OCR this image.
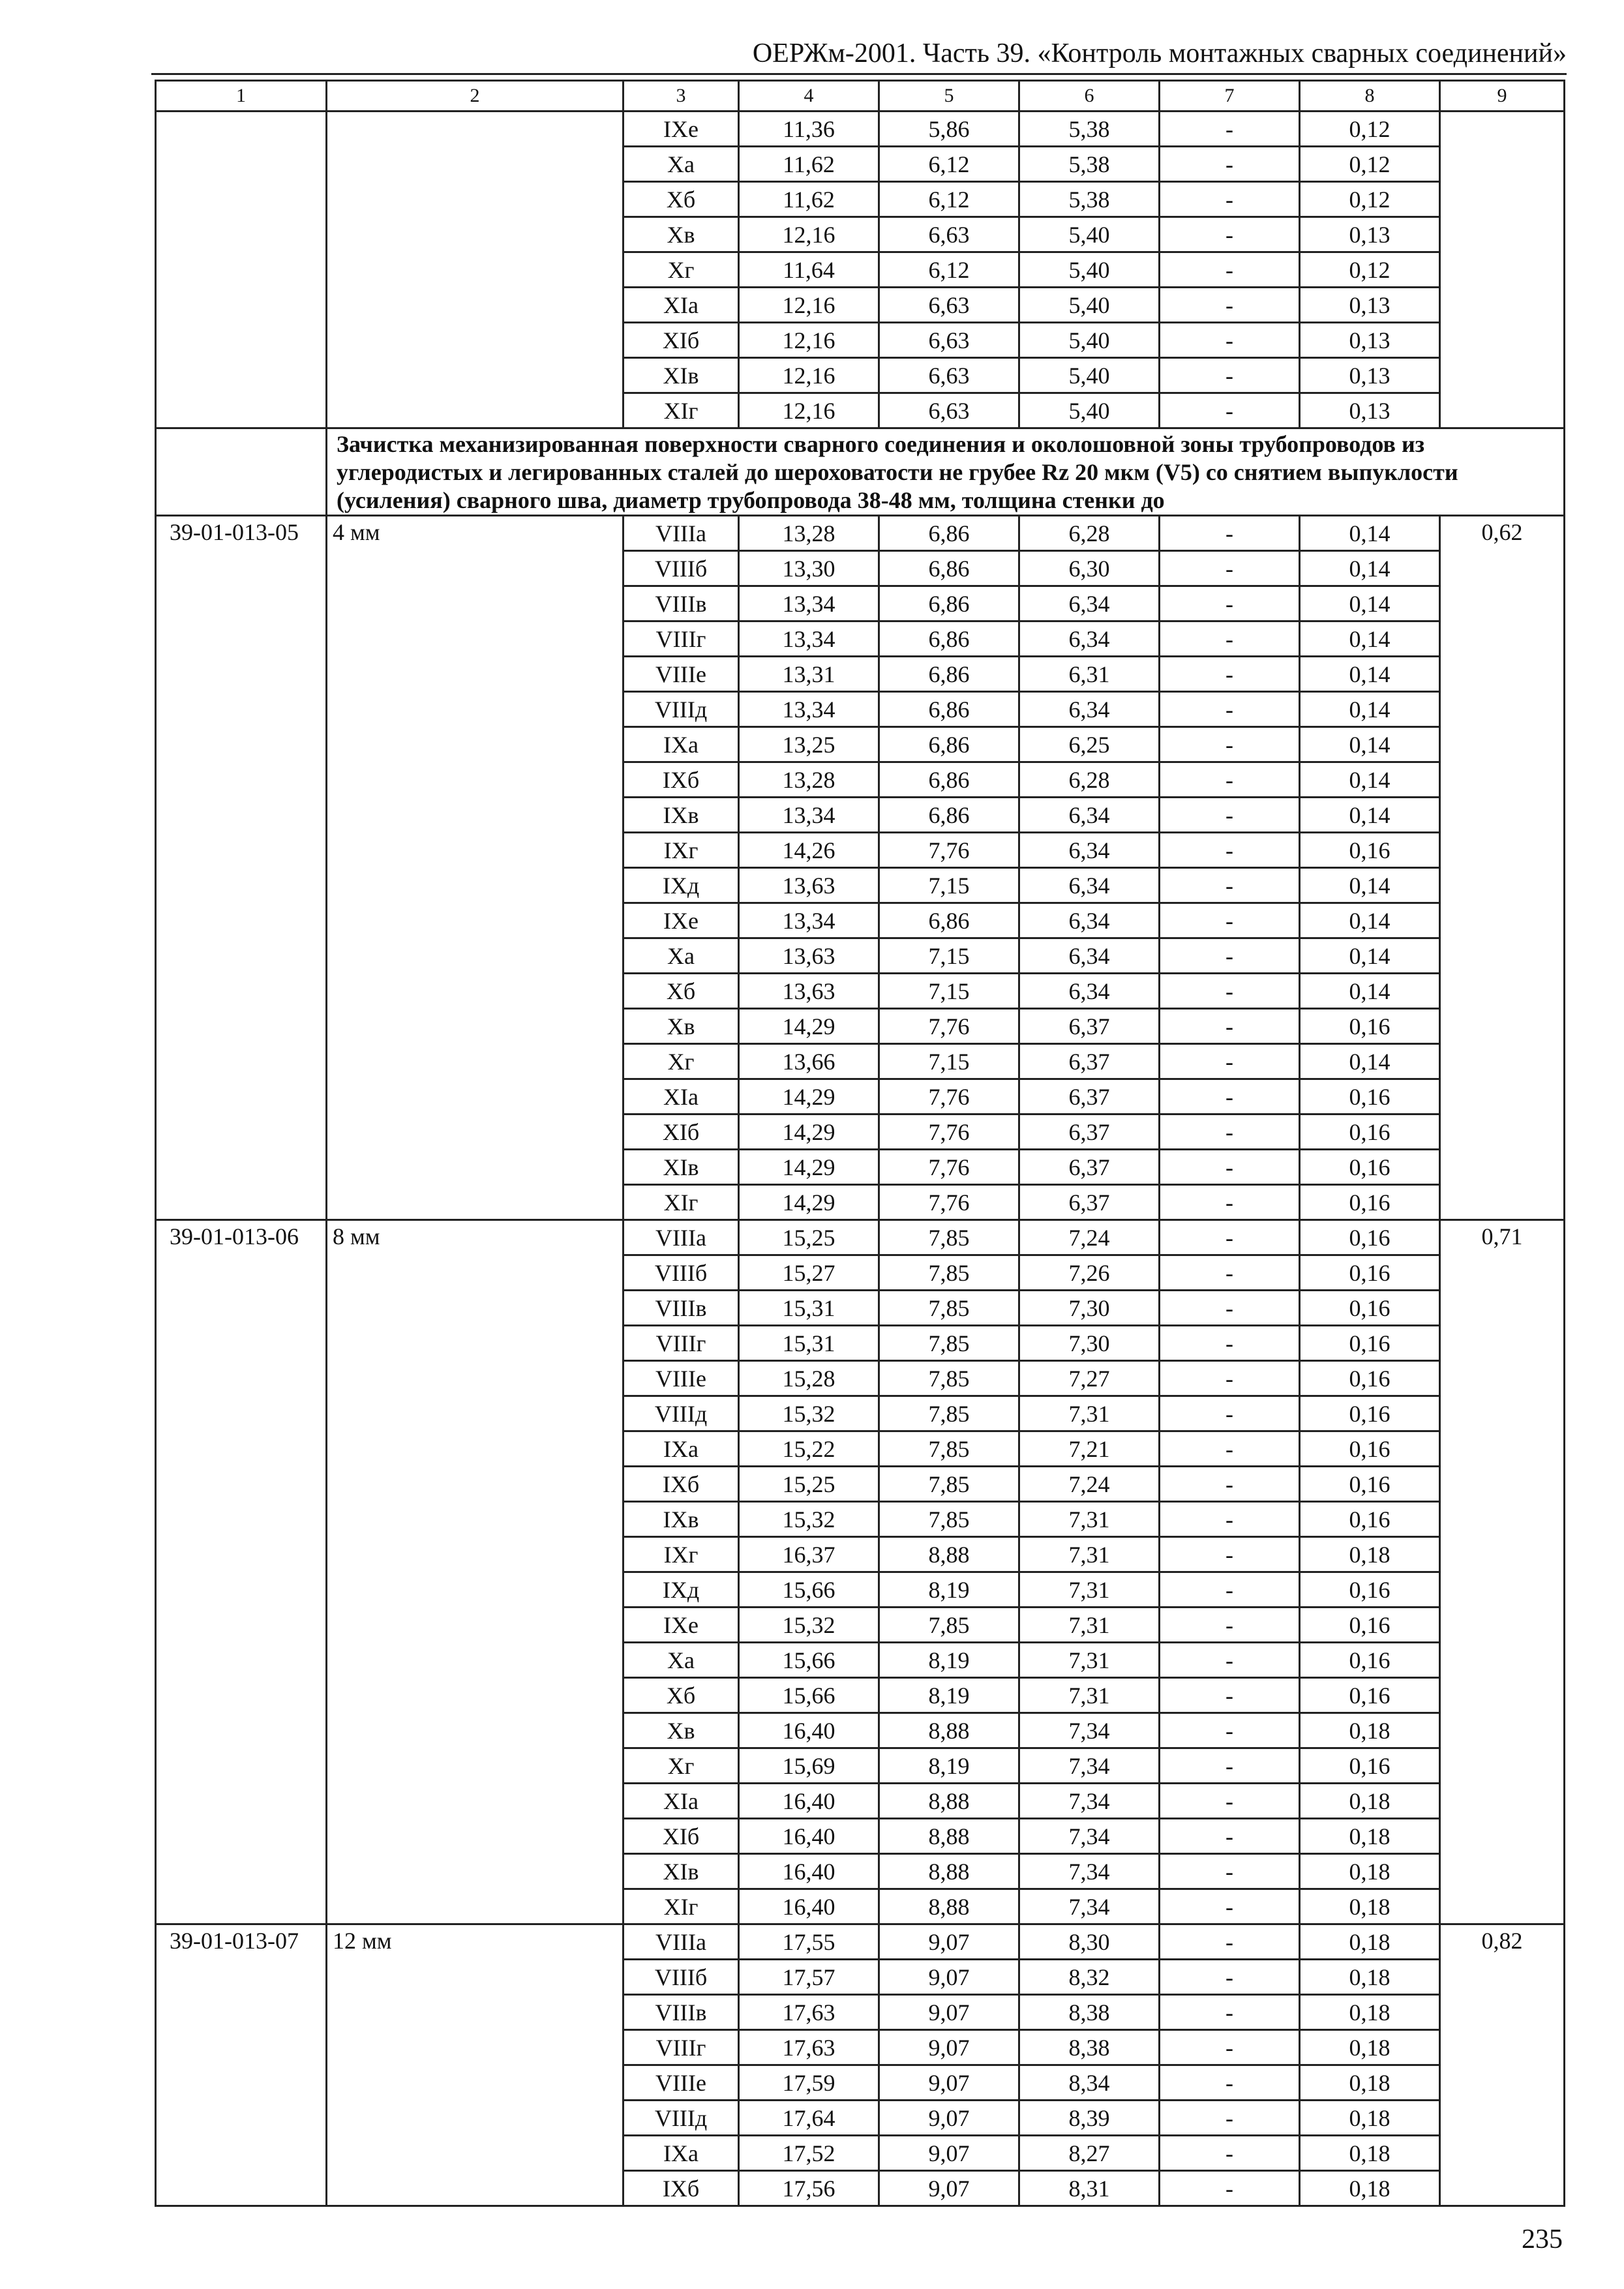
ОЕРЖм-2001. Часть 39. «Контроль монтажных сварных соединений»
1	2	3	4	5	6	7	8	9
		IXе	11,36	5,86	5,38	-	0,12	
		Xа	11,62	6,12	5,38	-	0,12	
		Xб	11,62	6,12	5,38	-	0,12	
		Xв	12,16	6,63	5,40	-	0,13	
		Xг	11,64	6,12	5,40	-	0,12	
		XIа	12,16	6,63	5,40	-	0,13	
		XIб	12,16	6,63	5,40	-	0,13	
		XIв	12,16	6,63	5,40	-	0,13	
		XIг	12,16	6,63	5,40	-	0,13	
	Зачистка механизированная поверхности сварного соединения и околошовной зоны трубопроводов из углеродистых и легированных сталей до шероховатости не грубее Rz 20 мкм (V5) со снятием выпуклости (усиления) сварного шва, диаметр трубопровода 38-48 мм, толщина стенки до							
39-01-013-05	4 мм	VIIIа	13,28	6,86	6,28	-	0,14	0,62
		VIIIб	13,30	6,86	6,30	-	0,14	
		VIIIв	13,34	6,86	6,34	-	0,14	
		VIIIг	13,34	6,86	6,34	-	0,14	
		VIIIе	13,31	6,86	6,31	-	0,14	
		VIIIд	13,34	6,86	6,34	-	0,14	
		IXа	13,25	6,86	6,25	-	0,14	
		IXб	13,28	6,86	6,28	-	0,14	
		IXв	13,34	6,86	6,34	-	0,14	
		IXг	14,26	7,76	6,34	-	0,16	
		IXд	13,63	7,15	6,34	-	0,14	
		IXе	13,34	6,86	6,34	-	0,14	
		Xа	13,63	7,15	6,34	-	0,14	
		Xб	13,63	7,15	6,34	-	0,14	
		Xв	14,29	7,76	6,37	-	0,16	
		Xг	13,66	7,15	6,37	-	0,14	
		XIа	14,29	7,76	6,37	-	0,16	
		XIб	14,29	7,76	6,37	-	0,16	
		XIв	14,29	7,76	6,37	-	0,16	
		XIг	14,29	7,76	6,37	-	0,16	
39-01-013-06	8 мм	VIIIа	15,25	7,85	7,24	-	0,16	0,71
		VIIIб	15,27	7,85	7,26	-	0,16	
		VIIIв	15,31	7,85	7,30	-	0,16	
		VIIIг	15,31	7,85	7,30	-	0,16	
		VIIIе	15,28	7,85	7,27	-	0,16	
		VIIIд	15,32	7,85	7,31	-	0,16	
		IXа	15,22	7,85	7,21	-	0,16	
		IXб	15,25	7,85	7,24	-	0,16	
		IXв	15,32	7,85	7,31	-	0,16	
		IXг	16,37	8,88	7,31	-	0,18	
		IXд	15,66	8,19	7,31	-	0,16	
		IXе	15,32	7,85	7,31	-	0,16	
		Xа	15,66	8,19	7,31	-	0,16	
		Xб	15,66	8,19	7,31	-	0,16	
		Xв	16,40	8,88	7,34	-	0,18	
		Xг	15,69	8,19	7,34	-	0,16	
		XIа	16,40	8,88	7,34	-	0,18	
		XIб	16,40	8,88	7,34	-	0,18	
		XIв	16,40	8,88	7,34	-	0,18	
		XIг	16,40	8,88	7,34	-	0,18	
39-01-013-07	12 мм	VIIIа	17,55	9,07	8,30	-	0,18	0,82
		VIIIб	17,57	9,07	8,32	-	0,18	
		VIIIв	17,63	9,07	8,38	-	0,18	
		VIIIг	17,63	9,07	8,38	-	0,18	
		VIIIе	17,59	9,07	8,34	-	0,18	
		VIIIд	17,64	9,07	8,39	-	0,18	
		IXа	17,52	9,07	8,27	-	0,18	
		IXб	17,56	9,07	8,31	-	0,18	
235
